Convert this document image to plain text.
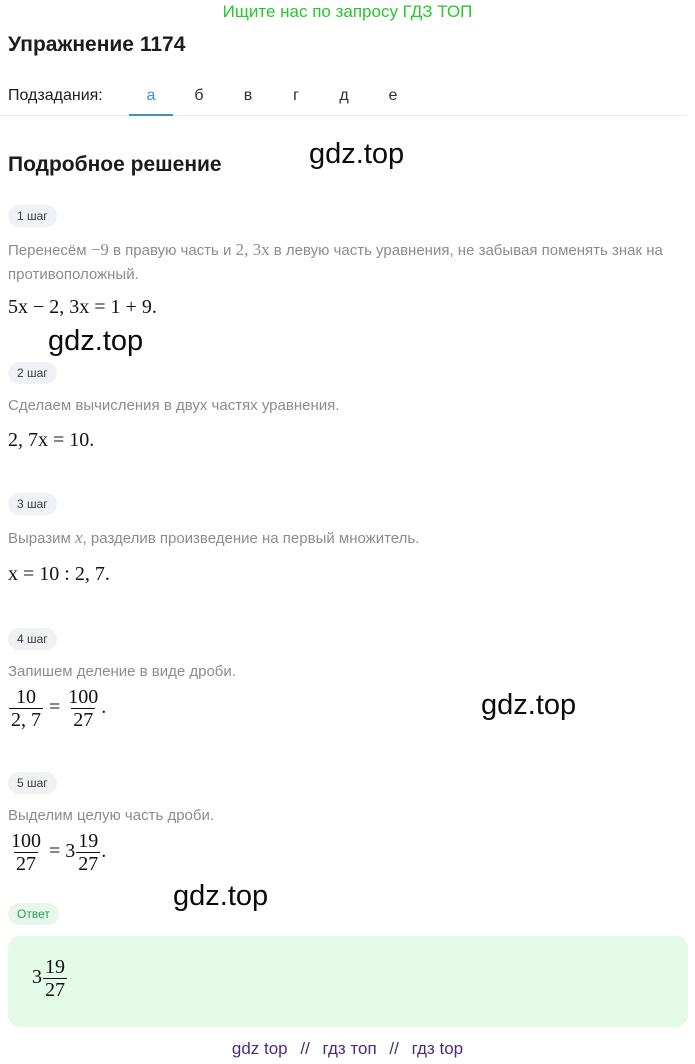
Ищите нас по запросу ГДЗ ТОП
Упражнение 1174
Подзадания:	а	б	в	г	д	е
Подробное решение	gdz.top
1 шаг
Перенесём −9 в правую часть и 2, 3x в левую часть уравнения, не забывая поменять знак на противоположный.
5x − 2, 3x = 1 + 9.
gdz.top
2 шаг
Сделаем вычисления в двух частях уравнения.
2, 7x = 10.
3 шаг
Выразим x, разделив произведение на первый множитель.
x = 10 : 2, 7.
4 шаг
Запишем деление в виде дроби.
$\frac{10}{2, 7} = \frac{100}{27}$ .	gdz.top
5 шаг
Выделим целую часть дроби.
$\frac{100}{27} = 3 \frac{19}{27}$ .
gdz.top
Ответ
$3 \frac{19}{27}$
gdz top // гдз топ // гдз top
